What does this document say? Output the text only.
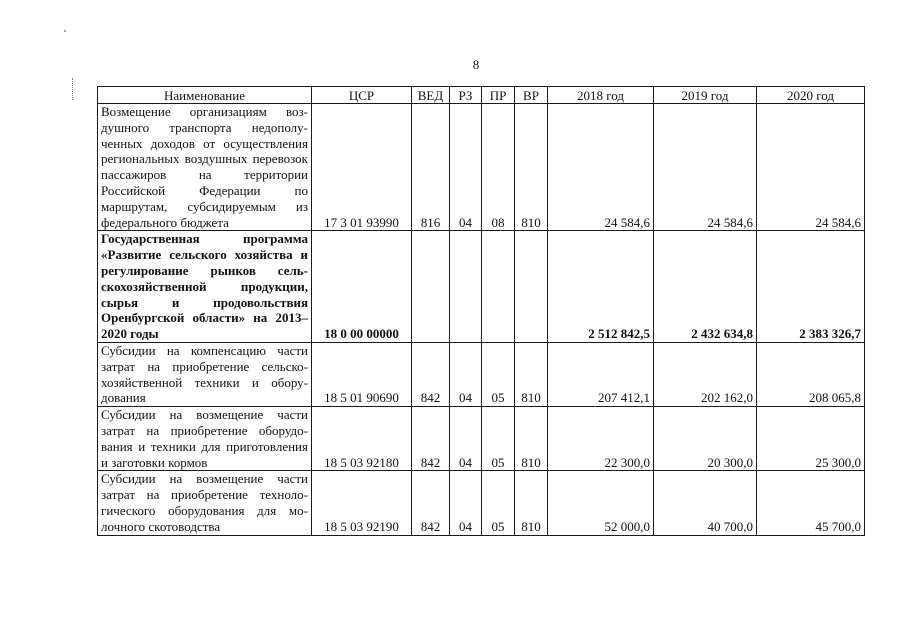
8
Наименование	ЦСР	ВЕД	РЗ	ПР	ВР	2018 год	2019 год	2020 год
Возмещение организациям воздушного транспорта недополученных доходов от осуществления региональных воздушных перевозок пассажиров на территории Российской Федерации по маршрутам, субсидируемым из федерального бюджета	17 3 01 93990	816	04	08	810	24 584,6	24 584,6	24 584,6
Государственная программа «Развитие сельского хозяйства и регулирование рынков сельскохозяйственной продукции, сырья и продовольствия Оренбургской области» на 2013–2020 годы	18 0 00 00000					2 512 842,5	2 432 634,8	2 383 326,7
Субсидии на компенсацию части затрат на приобретение сельскохозяйственной техники и оборудования	18 5 01 90690	842	04	05	810	207 412,1	202 162,0	208 065,8
Субсидии на возмещение части затрат на приобретение оборудования и техники для приготовления и заготовки кормов	18 5 03 92180	842	04	05	810	22 300,0	20 300,0	25 300,0
Субсидии на возмещение части затрат на приобретение технологического оборудования для молочного скотоводства	18 5 03 92190	842	04	05	810	52 000,0	40 700,0	45 700,0
